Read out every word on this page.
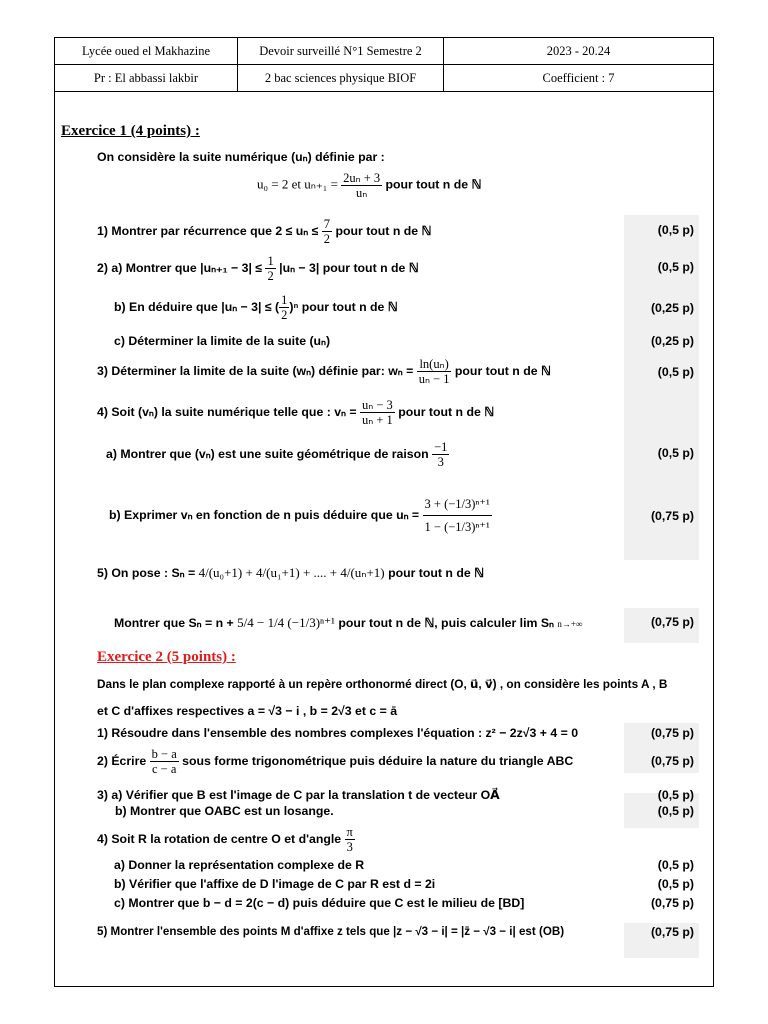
Lycée oued el Makhazine	Devoir surveillé N°1 Semestre 2	2023 - 20.24
Pr : El abbassi lakbir	2 bac sciences physique BIOF	Coefficient : 7
Exercice 1 (4 points) :
On considère la suite numérique (uₙ) définie par :
u₀ = 2 et $u_{n+1} = \frac{\text{2uₙ + 3}}{\text{uₙ}}$ pour tout n de ℕ
1) Montrer par récurrence que $2 \le u_n \le \frac{7}{2}$ pour tout n de ℕ	(0,5 p)
2) a) Montrer que $|u_{n+1} - 3| \le \frac{1}{2} |u_n - 3|$ pour tout n de ℕ	(0,5 p)
b) En déduire que |uₙ − 3| ≤ ( $\frac{1}{2} )^n$ pour tout n de ℕ	(0,25 p)
c) Déterminer la limite de la suite (uₙ)	(0,25 p)
3) Déterminer la limite de la suite (wₙ) définie par: $w_n = \frac{\text{ln(uₙ)}}{\text{uₙ − 1}}$ pour tout n de ℕ	(0,5 p)
4) Soit (vₙ) la suite numérique telle que : $v_n = \frac{\text{uₙ − 3}}{\text{uₙ + 1}}$ pour tout n de ℕ
a) Montrer que (vₙ) est une suite géométrique de raison $\frac{-1}{3}$	(0,5 p)
b) Exprimer vₙ en fonction de n puis déduire que $u_n = \frac{\text{3 + (−1/3)ⁿ⁺¹}}{\text{1 − (−1/3)ⁿ⁺¹}}$	(0,75 p)
5) On pose : Sₙ = 4/(u₀+1) + 4/(u₁+1) + .... + 4/(uₙ+1) pour tout n de ℕ
Montrer que Sₙ = n + 5/4 − 1/4 (−1/3)ⁿ⁺¹ pour tout n de ℕ, puis calculer lim Sₙ n→+∞	(0,75 p)
Exercice 2 (5 points) :
Dans le plan complexe rapporté à un repère orthonormé direct (O, u⃗, v⃗) , on considère les points A , B
et C d'affixes respectives a = √3 − i , b = 2√3 et c = ā
1) Résoudre dans l'ensemble des nombres complexes l'équation : z² − 2z√3 + 4 = 0	(0,75 p)
2) Écrire $\frac{b - a}{c - a}$ sous forme trigonométrique puis déduire la nature du triangle ABC	(0,75 p)
3) a) Vérifier que B est l'image de C par la translation t de vecteur OA⃗	(0,5 p)
b) Montrer que OABC est un losange.	(0,5 p)
4) Soit R la rotation de centre O et d'angle $\frac{\pi}{3}$
a) Donner la représentation complexe de R	(0,5 p)
b) Vérifier que l'affixe de D l'image de C par R est d = 2i	(0,5 p)
c) Montrer que b − d = 2(c − d) puis déduire que C est le milieu de [BD]	(0,75 p)
5) Montrer l'ensemble des points M d'affixe z tels que |z − √3 − i| = |z̄ − √3 − i| est (OB)	(0,75 p)
